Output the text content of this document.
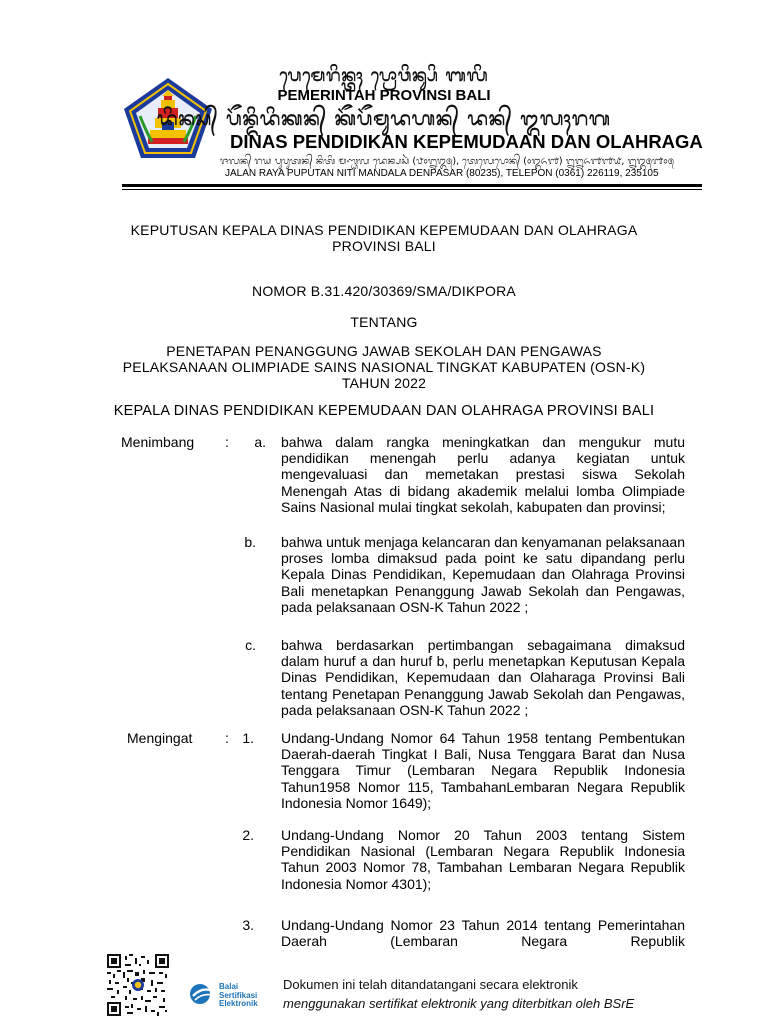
ᬧᬾᬫᬾᬭᬶᬦ᭄ᬢᬄ ᬧ᭄ᬭᭀᬯᬶᬦ᭄ᬲᬶ ᬩᬮᬶ
PEMERINTAH PROVINSI BALI
ᬤᬶᬦᬲ᭄ ᬧᭂᬦ᭄ᬤᬶᬤᬶᬓᬦ᭄ ᬓᭂᬧᭂᬫᬸᬤᬳᬦ᭄ ᬤᬦ᭄ ᬑᬮᬄᬭᬕ
DINAS PENDIDIKAN KEPEMUDAAN DAN OLAHRAGA
ᬚᬮᬦ᭄ ᬭᬬ ᬧᬸᬧᬸᬢᬦ᭄ ᬦᬶᬢᬶ ᬫᬡ᭄ᬟᬮ ᬤᬾᬦ᭄ᬧᬲᬃ (᭘᭐᭒᭓᭕), ᬢᬾᬮᬾᬧᭀᬦ᭄ (᭐᭓᭖᭑) ᭒᭒᭖᭑᭑᭙, ᭒᭓᭕᭑᭐᭕
JALAN RAYA PUPUTAN NITI MANDALA DENPASAR (80235), TELEPON (0361) 226119, 235105
KEPUTUSAN KEPALA DINAS PENDIDIKAN KEPEMUDAAN DAN OLAHRAGA
PROVINSI BALI
NOMOR B.31.420/30369/SMA/DIKPORA
TENTANG
PENETAPAN PENANGGUNG JAWAB SEKOLAH DAN PENGAWAS
PELAKSANAAN OLIMPIADE SAINS NASIONAL TINGKAT KABUPATEN (OSN-K)
TAHUN 2022
KEPALA DINAS PENDIDIKAN KEPEMUDAAN DAN OLAHRAGA PROVINSI BALI
Menimbang :	a. bahwa dalam rangka meningkatkan dan mengukur mutu pendidikan menengah perlu adanya kegiatan untuk mengevaluasi dan memetakan prestasi siswa Sekolah Menengah Atas di bidang akademik melalui lomba Olimpiade Sains Nasional mulai tingkat sekolah, kabupaten dan provinsi;
b. bahwa untuk menjaga kelancaran dan kenyamanan pelaksanaan proses lomba dimaksud pada point ke satu dipandang perlu Kepala Dinas Pendidikan, Kepemudaan dan Olahraga Provinsi Bali menetapkan Penanggung Jawab Sekolah dan Pengawas, pada pelaksanaan OSN-K Tahun 2022 ;
c. bahwa berdasarkan pertimbangan sebagaimana dimaksud dalam huruf a dan huruf b, perlu menetapkan Keputusan Kepala Dinas Pendidikan, Kepemudaan dan Olaharaga Provinsi Bali tentang Penetapan Penanggung Jawab Sekolah dan Pengawas, pada pelaksanaan OSN-K Tahun 2022 ;
Mengingat : 1. Undang-Undang Nomor 64 Tahun 1958 tentang Pembentukan Daerah-daerah Tingkat I Bali, Nusa Tenggara Barat dan Nusa Tenggara Timur (Lembaran Negara Republik Indonesia Tahun1958 Nomor 115, TambahanLembaran Negara Republik Indonesia Nomor 1649);
2. Undang-Undang Nomor 20 Tahun 2003 tentang Sistem Pendidikan Nasional (Lembaran Negara Republik Indonesia Tahun 2003 Nomor 78, Tambahan Lembaran Negara Republik Indonesia Nomor 4301);
3. Undang-Undang Nomor 23 Tahun 2014 tentang Pemerintahan Daerah (Lembaran Negara Republik
Balai
Sertifikasi
Elektronik
Dokumen ini telah ditandatangani secara elektronik
menggunakan sertifikat elektronik yang diterbitkan oleh BSrE
